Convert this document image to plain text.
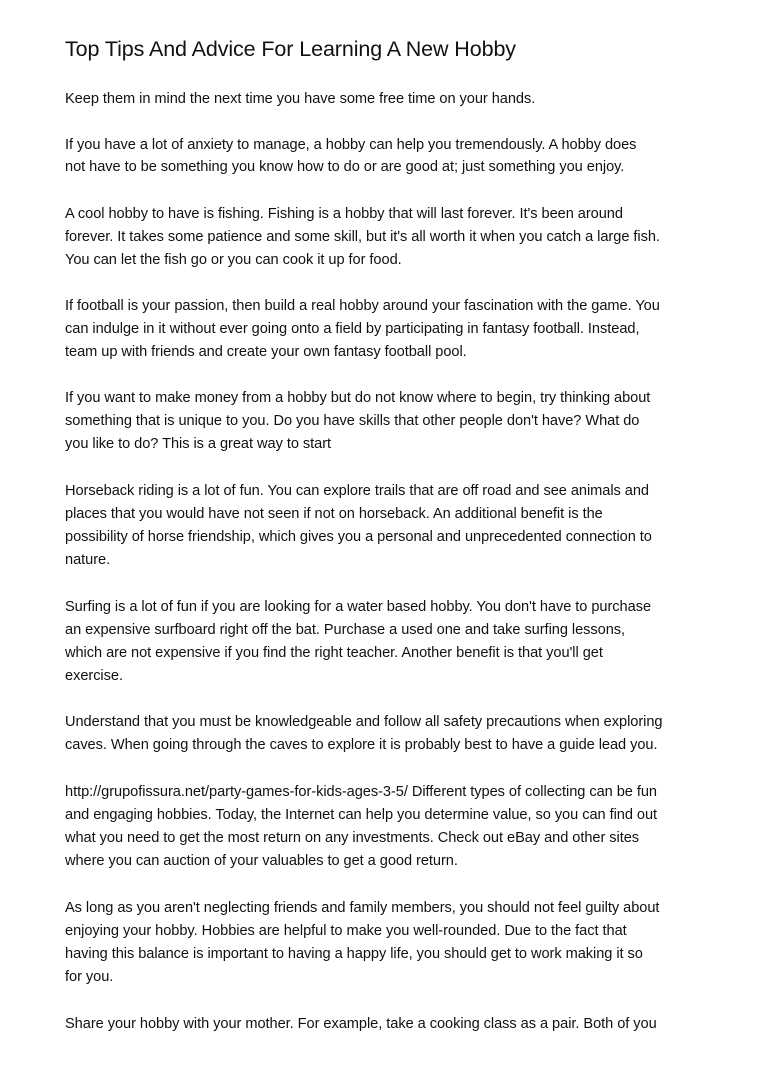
Top Tips And Advice For Learning A New Hobby

Keep them in mind the next time you have some free time on your hands.

If you have a lot of anxiety to manage, a hobby can help you tremendously. A hobby does

not have to be something you know how to do or are good at; just something you enjoy.

A cool hobby to have is fishing. Fishing is a hobby that will last forever. It's been around

forever. It takes some patience and some skill, but it's all worth it when you catch a large fish.

You can let the fish go or you can cook it up for food.

If football is your passion, then build a real hobby around your fascination with the game. You

can indulge in it without ever going onto a field by participating in fantasy football. Instead,

team up with friends and create your own fantasy football pool.

If you want to make money from a hobby but do not know where to begin, try thinking about

something that is unique to you. Do you have skills that other people don't have? What do

you like to do? This is a great way to start

Horseback riding is a lot of fun. You can explore trails that are off road and see animals and

places that you would have not seen if not on horseback. An additional benefit is the

possibility of horse friendship, which gives you a personal and unprecedented connection to

nature.

Surfing is a lot of fun if you are looking for a water based hobby. You don't have to purchase

an expensive surfboard right off the bat. Purchase a used one and take surfing lessons,

which are not expensive if you find the right teacher. Another benefit is that you'll get

exercise.

Understand that you must be knowledgeable and follow all safety precautions when exploring

caves. When going through the caves to explore it is probably best to have a guide lead you.

http://grupofissura.net/party-games-for-kids-ages-3-5/ Different types of collecting can be fun

and engaging hobbies. Today, the Internet can help you determine value, so you can find out

what you need to get the most return on any investments. Check out eBay and other sites

where you can auction of your valuables to get a good return.

As long as you aren't neglecting friends and family members, you should not feel guilty about

enjoying your hobby. Hobbies are helpful to make you well-rounded. Due to the fact that

having this balance is important to having a happy life, you should get to work making it so

for you.

Share your hobby with your mother. For example, take a cooking class as a pair. Both of you
